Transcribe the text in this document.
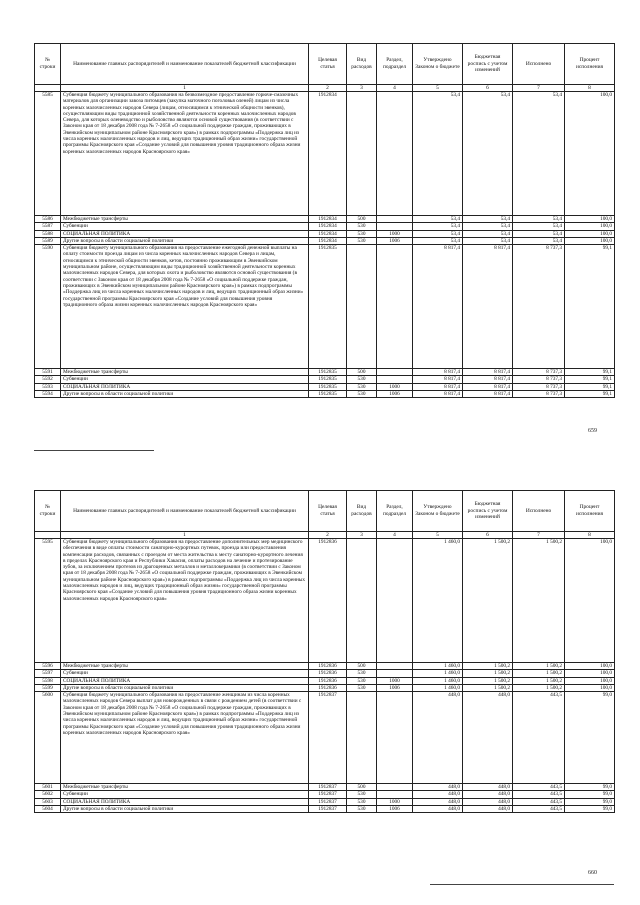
№ строки	Наименование главных распорядителей и наименование показателей бюджетной классификации	Целевая статья	Вид расходов	Раздел, подраздел	Утверждено Законом о бюджете	Бюджетная роспись с учетом изменений	Исполнено	Процент исполнения
	1	2	3	4	5	6	7	8
5585	Субвенция бюджету муниципального образования на безвозмездное предоставление горюче-смазочных материалов для организации завоза питомцев (закупка маточного поголовья оленей) лицам из числа коренных малочисленных народов Севера (лицам, относящимся к этнической общности эвенков), осуществляющим виды традиционной хозяйственной деятельности коренных малочисленных народов Севера, для которых оленеводство и рыболовство являются основой существования (в соответствии с Законом края от 18 декабря 2008 года № 7-2658 «О социальной поддержке граждан, проживающих в Эвенкийском муниципальном районе Красноярского края») в рамках подпрограммы «Поддержка лиц из числа коренных малочисленных народов и лиц, ведущих традиционный образ жизни» государственной программы Красноярского края «Создание условий для повышения уровня традиционного образа жизни коренных малочисленных народов Красноярского края»	1912834			53,4	53,4	53,4	100,0
5586	Межбюджетные трансферты	1912834	500		53,4	53,4	53,4	100,0
5587	Субвенции	1912834	530		53,4	53,4	53,4	100,0
5588	СОЦИАЛЬНАЯ ПОЛИТИКА	1912834	530	1000	53,4	53,4	53,4	100,0
5589	Другие вопросы в области социальной политики	1912834	530	1006	53,4	53,4	53,4	100,0
5590	Субвенция бюджету муниципального образования на предоставление ежегодной денежной выплаты на оплату стоимости проезда лицам из числа коренных малочисленных народов Севера и лицам, относящимся к этнической общности эвенков, кетов, постоянно проживающим в Эвенкийском муниципальном районе, осуществляющим виды традиционной хозяйственной деятельности коренных малочисленных народов Севера, для которых охота и рыболовство являются основой существования (в соответствии с Законом края от 18 декабря 2008 года № 7-2658 «О социальной поддержке граждан, проживающих в Эвенкийском муниципальном районе Красноярского края») в рамках подпрограммы «Поддержка лиц из числа коренных малочисленных народов и лиц, ведущих традиционный образ жизни» государственной программы Красноярского края «Создание условий для повышения уровня традиционного образа жизни коренных малочисленных народов Красноярского края»	1912835			8 817,4	8 817,4	8 737,3	99,1
5591	Межбюджетные трансферты	1912835	500		8 817,4	8 817,4	8 737,3	99,1
5592	Субвенции	1912835	530		8 817,4	8 817,4	8 737,3	99,1
5593	СОЦИАЛЬНАЯ ПОЛИТИКА	1912835	530	1000	8 817,4	8 817,4	8 737,3	99,1
5594	Другие вопросы в области социальной политики	1912835	530	1006	8 817,4	8 817,4	8 737,3	99,1
659
№ строки	Наименование главных распорядителей и наименование показателей бюджетной классификации	Целевая статья	Вид расходов	Раздел, подраздел	Утверждено Законом о бюджете	Бюджетная роспись с учетом изменений	Исполнено	Процент исполнения
	1	2	3	4	5	6	7	8
5595	Субвенция бюджету муниципального образования на предоставление дополнительных мер медицинского обеспечения в виде оплаты стоимости санаторно-курортных путевок, проезда или предоставления компенсации расходов, связанных с проездом от места жительства к месту санаторно-курортного лечения в пределах Красноярского края и Республики Хакасия, оплаты расходов на лечение и протезирование зубов, за исключением протезов из драгоценных металлов и металлокерамики (в соответствии с Законом края от 18 декабря 2008 года № 7-2658 «О социальной поддержке граждан, проживающих в Эвенкийском муниципальном районе Красноярского края») в рамках подпрограммы «Поддержка лиц из числа коренных малочисленных народов и лиц, ведущих традиционный образ жизни» государственной программы Красноярского края «Создание условий для повышения уровня традиционного образа жизни коренных малочисленных народов Красноярского края»	1912836			1 460,0	1 500,2	1 500,2	100,0
5596	Межбюджетные трансферты	1912836	500		1 460,0	1 500,2	1 500,2	100,0
5597	Субвенции	1912836	530		1 460,0	1 500,2	1 500,2	100,0
5598	СОЦИАЛЬНАЯ ПОЛИТИКА	1912836	530	1000	1 460,0	1 500,2	1 500,2	100,0
5599	Другие вопросы в области социальной политики	1912836	530	1006	1 460,0	1 500,2	1 500,2	100,0
5600	Субвенция бюджету муниципального образования на предоставление женщинам из числа коренных малочисленных народов Севера выплат для новорожденных в связи с рождением детей (в соответствии с Законом края от 18 декабря 2008 года № 7-2658 «О социальной поддержке граждан, проживающих в Эвенкийском муниципальном районе Красноярского края») в рамках подпрограммы «Поддержка лиц из числа коренных малочисленных народов и лиц, ведущих традиционный образ жизни» государственной программы Красноярского края «Создание условий для повышения уровня традиционного образа жизни коренных малочисленных народов Красноярского края»	1912837			448,0	448,0	443,5	99,0
5601	Межбюджетные трансферты	1912837	500		448,0	448,0	443,5	99,0
5602	Субвенции	1912837	530		448,0	448,0	443,5	99,0
5603	СОЦИАЛЬНАЯ ПОЛИТИКА	1912837	530	1000	448,0	448,0	443,5	99,0
5604	Другие вопросы в области социальной политики	1912837	530	1006	448,0	448,0	443,5	99,0
660
